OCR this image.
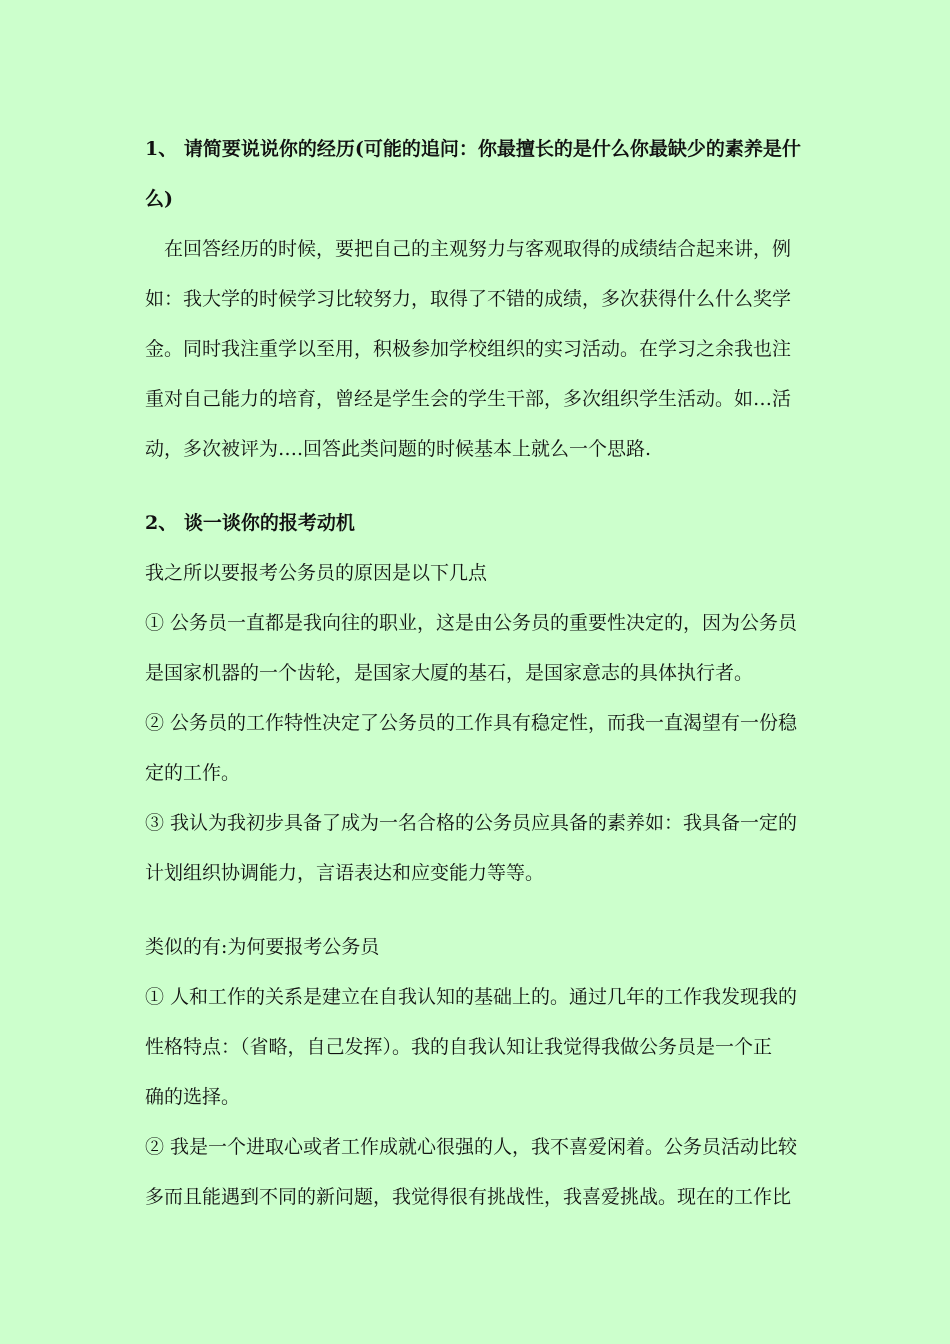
1、 请简要说说你的经历(可能的追问：你最擅长的是什么你最缺少的素养是什
么)
在回答经历的时候，要把自己的主观努力与客观取得的成绩结合起来讲，例
如：我大学的时候学习比较努力，取得了不错的成绩，多次获得什么什么奖学
金。同时我注重学以至用，积极参加学校组织的实习活动。在学习之余我也注
重对自己能力的培育，曾经是学生会的学生干部，多次组织学生活动。如…活
动，多次被评为….回答此类问题的时候基本上就么一个思路.
2、 谈一谈你的报考动机
我之所以要报考公务员的原因是以下几点
① 公务员一直都是我向往的职业，这是由公务员的重要性决定的，因为公务员
是国家机器的一个齿轮，是国家大厦的基石，是国家意志的具体执行者。
② 公务员的工作特性决定了公务员的工作具有稳定性，而我一直渴望有一份稳
定的工作。
③ 我认为我初步具备了成为一名合格的公务员应具备的素养如：我具备一定的
计划组织协调能力，言语表达和应变能力等等。
类似的有:为何要报考公务员
① 人和工作的关系是建立在自我认知的基础上的。通过几年的工作我发现我的
性格特点：（省略，自己发挥）。我的自我认知让我觉得我做公务员是一个正
确的选择。
② 我是一个进取心或者工作成就心很强的人，我不喜爱闲着。公务员活动比较
多而且能遇到不同的新问题，我觉得很有挑战性，我喜爱挑战。现在的工作比
